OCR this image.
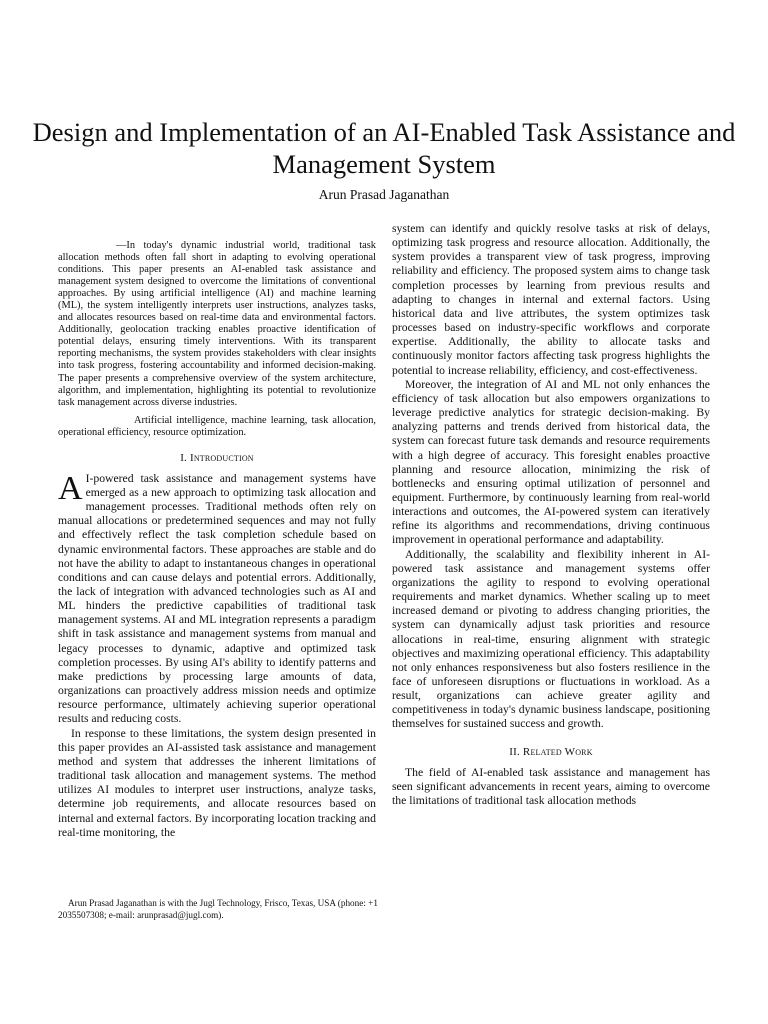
Design and Implementation of an AI-Enabled Task Assistance and Management System
Arun Prasad Jaganathan

—In today's dynamic industrial world, traditional task allocation methods often fall short in adapting to evolving operational conditions. This paper presents an AI-enabled task assistance and management system designed to overcome the limitations of conventional approaches. By using artificial intelligence (AI) and machine learning (ML), the system intelligently interprets user instructions, analyzes tasks, and allocates resources based on real-time data and environmental factors. Additionally, geolocation tracking enables proactive identification of potential delays, ensuring timely interventions. With its transparent reporting mechanisms, the system provides stakeholders with clear insights into task progress, fostering accountability and informed decision-making. The paper presents a comprehensive overview of the system architecture, algorithm, and implementation, highlighting its potential to revolutionize task management across diverse industries.

Artificial intelligence, machine learning, task allocation, operational efficiency, resource optimization.

I. Introduction

A I-powered task assistance and management systems have emerged as a new approach to optimizing task allocation and management processes. Traditional methods often rely on manual allocations or predetermined sequences and may not fully and effectively reflect the task completion schedule based on dynamic environmental factors. These approaches are stable and do not have the ability to adapt to instantaneous changes in operational conditions and can cause delays and potential errors. Additionally, the lack of integration with advanced technologies such as AI and ML hinders the predictive capabilities of traditional task management systems. AI and ML integration represents a paradigm shift in task assistance and management systems from manual and legacy processes to dynamic, adaptive and optimized task completion processes. By using AI's ability to identify patterns and make predictions by processing large amounts of data, organizations can proactively address mission needs and optimize resource performance, ultimately achieving superior operational results and reducing costs.

In response to these limitations, the system design presented in this paper provides an AI-assisted task assistance and management method and system that addresses the inherent limitations of traditional task allocation and management systems. The method utilizes AI modules to interpret user instructions, analyze tasks, determine job requirements, and allocate resources based on internal and external factors. By incorporating location tracking and real-time monitoring, the

system can identify and quickly resolve tasks at risk of delays, optimizing task progress and resource allocation. Additionally, the system provides a transparent view of task progress, improving reliability and efficiency. The proposed system aims to change task completion processes by learning from previous results and adapting to changes in internal and external factors. Using historical data and live attributes, the system optimizes task processes based on industry-specific workflows and corporate expertise. Additionally, the ability to allocate tasks and continuously monitor factors affecting task progress highlights the potential to increase reliability, efficiency, and cost-effectiveness.

Moreover, the integration of AI and ML not only enhances the efficiency of task allocation but also empowers organizations to leverage predictive analytics for strategic decision-making. By analyzing patterns and trends derived from historical data, the system can forecast future task demands and resource requirements with a high degree of accuracy. This foresight enables proactive planning and resource allocation, minimizing the risk of bottlenecks and ensuring optimal utilization of personnel and equipment. Furthermore, by continuously learning from real-world interactions and outcomes, the AI-powered system can iteratively refine its algorithms and recommendations, driving continuous improvement in operational performance and adaptability.

Additionally, the scalability and flexibility inherent in AI-powered task assistance and management systems offer organizations the agility to respond to evolving operational requirements and market dynamics. Whether scaling up to meet increased demand or pivoting to address changing priorities, the system can dynamically adjust task priorities and resource allocations in real-time, ensuring alignment with strategic objectives and maximizing operational efficiency. This adaptability not only enhances responsiveness but also fosters resilience in the face of unforeseen disruptions or fluctuations in workload. As a result, organizations can achieve greater agility and competitiveness in today's dynamic business landscape, positioning themselves for sustained success and growth.

II. Related Work

The field of AI-enabled task assistance and management has seen significant advancements in recent years, aiming to overcome the limitations of traditional task allocation methods

Arun Prasad Jaganathan is with the Jugl Technology, Frisco, Texas, USA (phone: +1 2035507308; e-mail: arunprasad@jugl.com).
